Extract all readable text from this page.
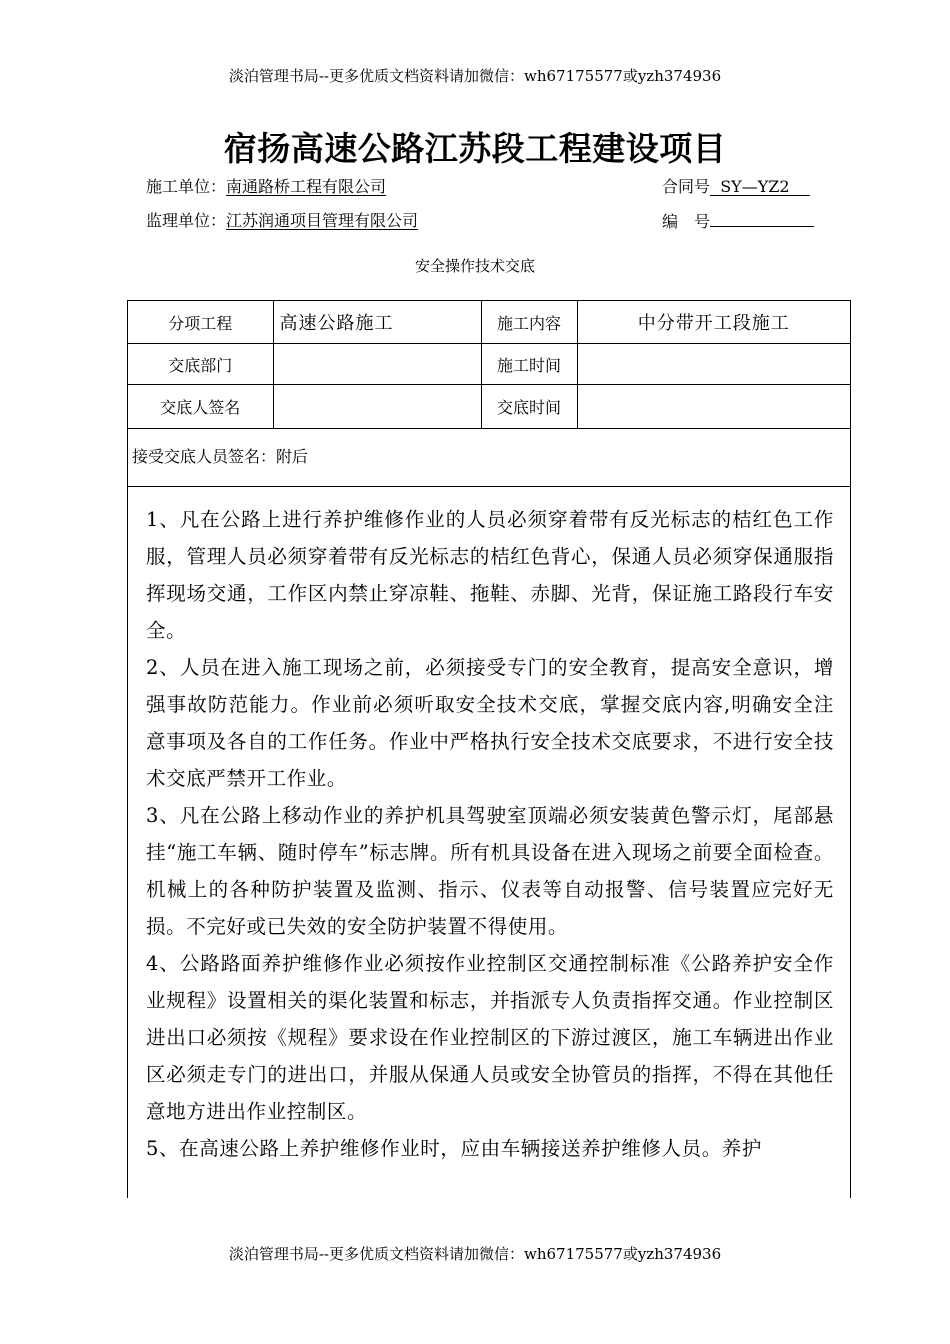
淡泊管理书局--更多优质文档资料请加微信：wh67175577或yzh374936
宿扬高速公路江苏段工程建设项目
施工单位：南通路桥工程有限公司	合同号 SY—YZ2
监理单位：江苏润通项目管理有限公司	编　号
安全操作技术交底
分项工程	高速公路施工	施工内容	中分带开工段施工
交底部门		施工时间	
交底人签名		交底时间	
接受交底人员签名：附后

1、凡在公路上进行养护维修作业的人员必须穿着带有反光标志的桔红色工作服，管理人员必须穿着带有反光标志的桔红色背心，保通人员必须穿保通服指挥现场交通，工作区内禁止穿凉鞋、拖鞋、赤脚、光背，保证施工路段行车安全。

2、人员在进入施工现场之前，必须接受专门的安全教育，提高安全意识，增强事故防范能力。作业前必须听取安全技术交底，掌握交底内容,明确安全注意事项及各自的工作任务。作业中严格执行安全技术交底要求，不进行安全技术交底严禁开工作业。

3、凡在公路上移动作业的养护机具驾驶室顶端必须安装黄色警示灯，尾部悬挂“施工车辆、随时停车”标志牌。所有机具设备在进入现场之前要全面检查。机械上的各种防护装置及监测、指示、仪表等自动报警、信号装置应完好无损。不完好或已失效的安全防护装置不得使用。

4、公路路面养护维修作业必须按作业控制区交通控制标准《公路养护安全作业规程》设置相关的渠化装置和标志，并指派专人负责指挥交通。作业控制区进出口必须按《规程》要求设在作业控制区的下游过渡区，施工车辆进出作业区必须走专门的进出口，并服从保通人员或安全协管员的指挥，不得在其他任意地方进出作业控制区。

5、在高速公路上养护维修作业时，应由车辆接送养护维修人员。养护

淡泊管理书局--更多优质文档资料请加微信：wh67175577或yzh374936
